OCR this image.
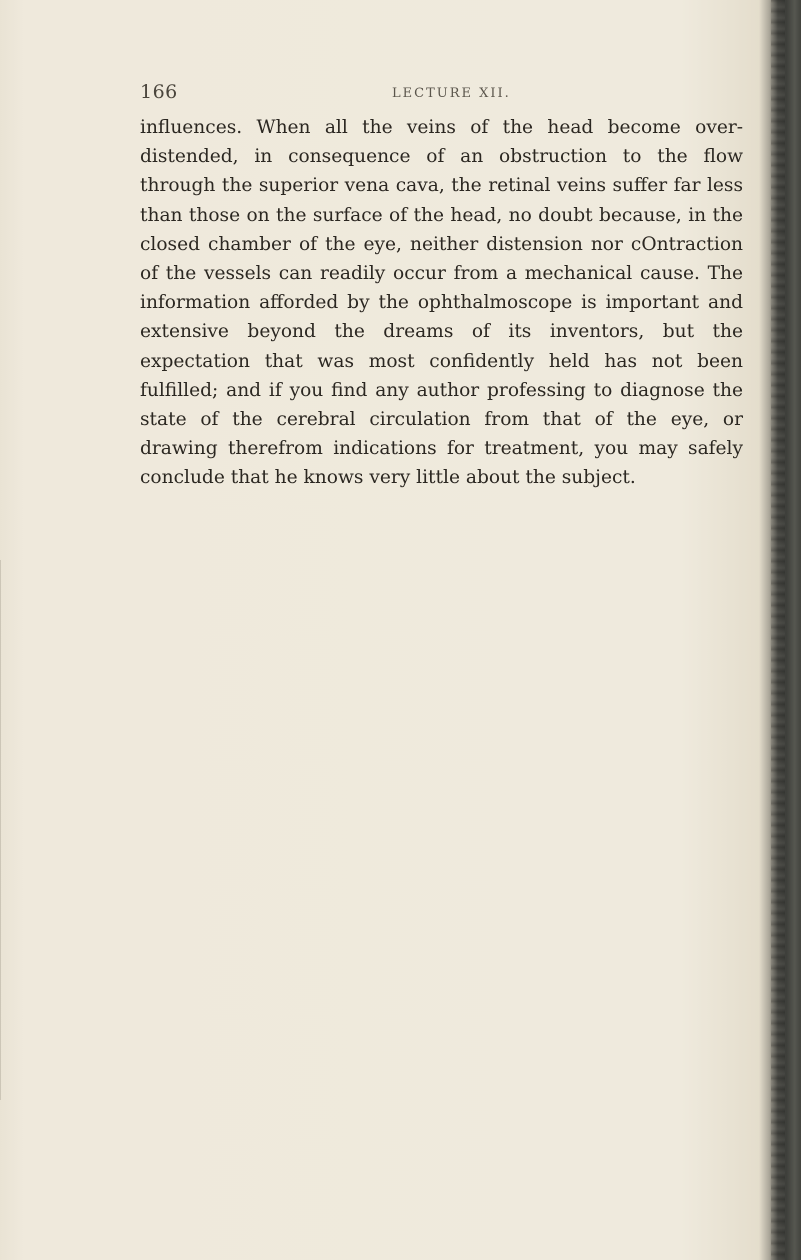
166	LECTURE XII.

influences. When all the veins of the head become over-distended, in consequence of an obstruction to the flow through the superior vena cava, the retinal veins suffer far less than those on the surface of the head, no doubt because, in the closed chamber of the eye, neither distension nor cOntraction of the vessels can readily occur from a mechanical cause. The information afforded by the ophthalmoscope is important and extensive beyond the dreams of its inventors, but the expectation that was most confidently held has not been fulfilled; and if you find any author professing to diagnose the state of the cerebral circulation from that of the eye, or drawing therefrom indications for treatment, you may safely conclude that he knows very little about the subject.
